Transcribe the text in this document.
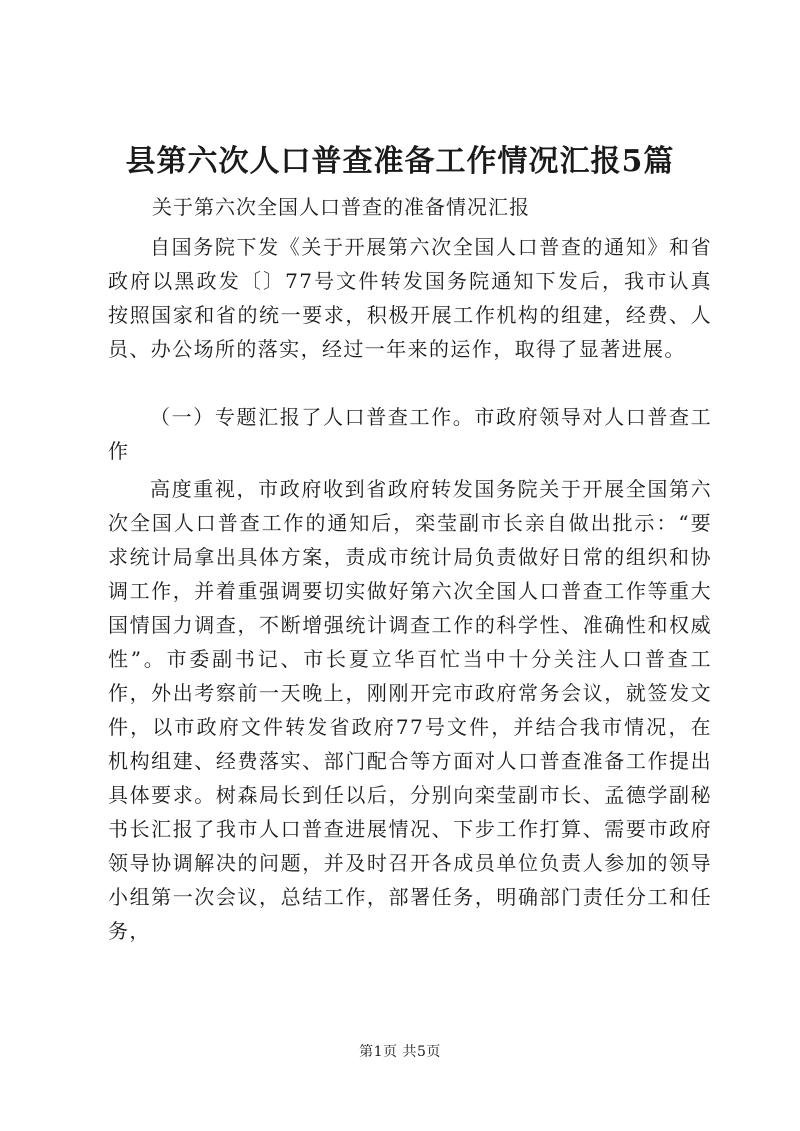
县第六次人口普查准备工作情况汇报5篇
关于第六次全国人口普查的准备情况汇报

自国务院下发《关于开展第六次全国人口普查的通知》和省政府以黑政发〔〕77号文件转发国务院通知下发后，我市认真按照国家和省的统一要求，积极开展工作机构的组建，经费、人员、办公场所的落实，经过一年来的运作，取得了显著进展。

（一）专题汇报了人口普查工作。市政府领导对人口普查工作

高度重视，市政府收到省政府转发国务院关于开展全国第六次全国人口普查工作的通知后，栾莹副市长亲自做出批示：“要求统计局拿出具体方案，责成市统计局负责做好日常的组织和协调工作，并着重强调要切实做好第六次全国人口普查工作等重大国情国力调查，不断增强统计调查工作的科学性、准确性和权威性”。市委副书记、市长夏立华百忙当中十分关注人口普查工作，外出考察前一天晚上，刚刚开完市政府常务会议，就签发文件，以市政府文件转发省政府77号文件，并结合我市情况，在机构组建、经费落实、部门配合等方面对人口普查准备工作提出具体要求。树森局长到任以后，分别向栾莹副市长、孟德学副秘书长汇报了我市人口普查进展情况、下步工作打算、需要市政府领导协调解决的问题，并及时召开各成员单位负责人参加的领导小组第一次会议，总结工作，部署任务，明确部门责任分工和任务，

第1页 共5页
